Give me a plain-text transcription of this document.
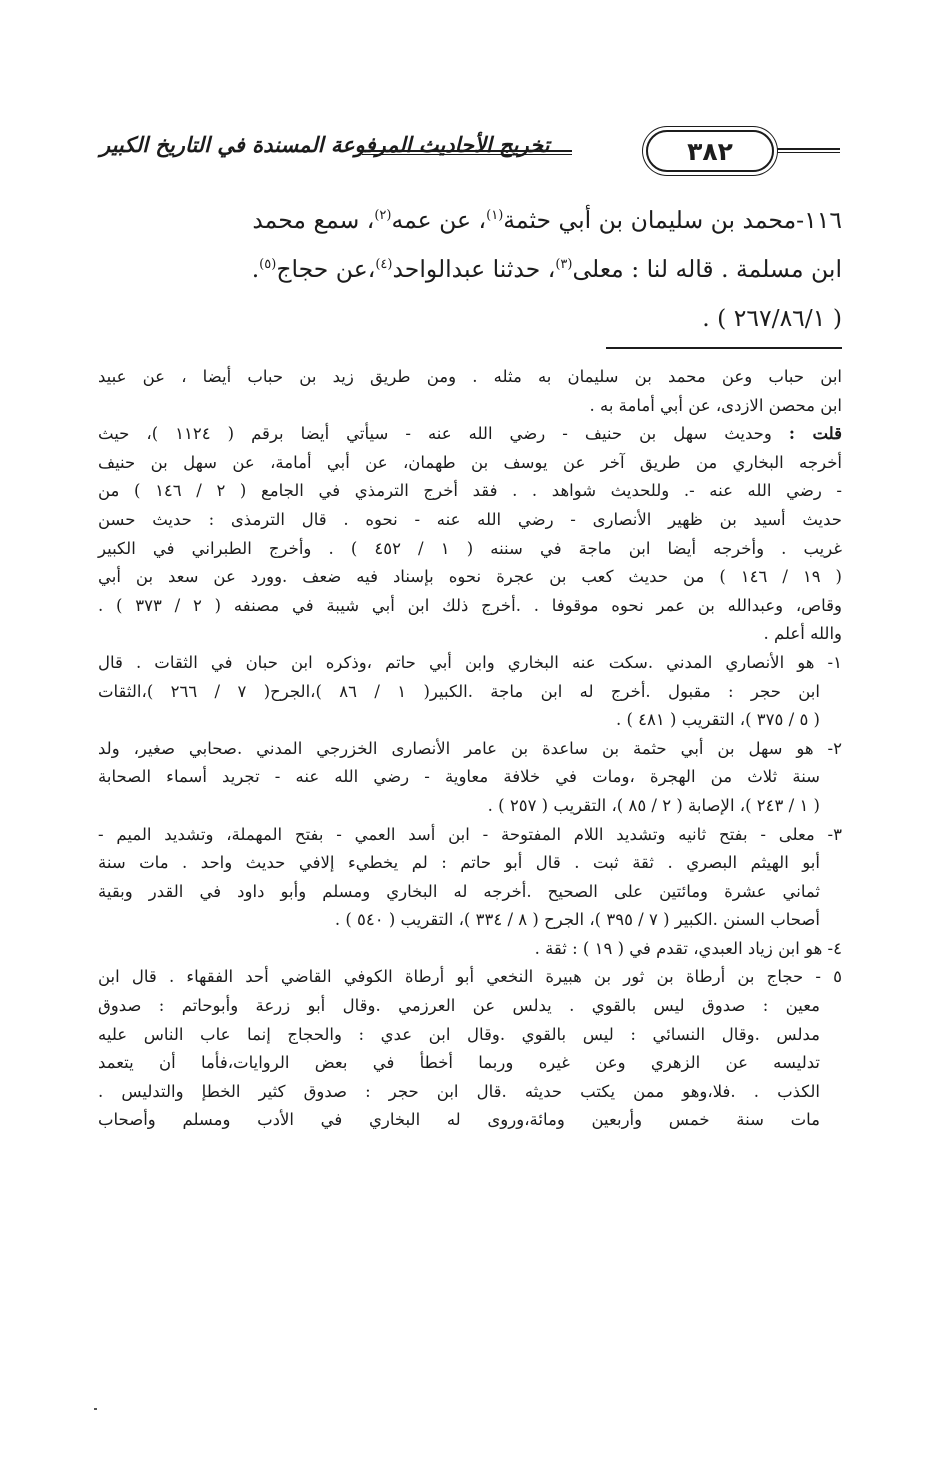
٣٨٢
تخريج الأحاديث المرفوعة المسندة في التاريخ الكبير

١١٦-محمد بن سليمان بن أبي حثمة$^{(١)}$، عن عمه$^{(٢)}$، سمع محمد

ابن مسلمة . قاله لنا : معلى$^{(٣)}$، حدثنا عبدالواحد$^{(٤)}$،عن حجاج$^{(٥)}$.

( ٢٦٧/٨٦/١ ) .

ابن حباب وعن محمد بن سليمان به مثله . ومن طريق زيد بن حباب أيضا ، عن عبيد
ابن محصن الازدى، عن أبي أمامة به .
قلت : وحديث سهل بن حنيف - رضي الله عنه - سيأتي أيضا برقم ( ١١٢٤ )، حيث
أخرجه البخاري من طريق آخر عن يوسف بن طهمان، عن أبي أمامة، عن سهل بن حنيف
- رضي الله عنه -. وللحديث شواهد . . فقد أخرج الترمذي في الجامع ( ٢ / ١٤٦ ) من
حديث أسيد بن ظهير الأنصارى - رضي الله عنه - نحوه . قال الترمذى : حديث حسن
غريب . وأخرجه أيضا ابن ماجة في سننه ( ١ / ٤٥٢ ) . وأخرج الطبراني في الكبير
( ١٩ / ١٤٦ ) من حديث كعب بن عجرة نحوه بإسناد فيه ضعف .وورد عن سعد بن أبي
وقاص، وعبدالله بن عمر نحوه موقوفا . .أخرج ذلك ابن أبي شيبة في مصنفه ( ٢ / ٣٧٣ ) .
والله أعلم .
١- هو الأنصاري المدني .سكت عنه البخاري وابن أبي حاتم ،وذكره ابن حبان في الثقات . قال
ابن حجر : مقبول .أخرج له ابن ماجة .الكبير( ١ / ٨٦ )،الجرح( ٧ / ٢٦٦ )،الثقات
( ٥ / ٣٧٥ )، التقريب ( ٤٨١ ) .
٢- هو سهل بن أبي حثمة بن ساعدة بن عامر الأنصارى الخزرجي المدني .صحابي صغير، ولد
سنة ثلاث من الهجرة ،ومات في خلافة معاوية - رضي الله عنه - تجريد أسماء الصحابة
( ١ / ٢٤٣ )، الإصابة ( ٢ / ٨٥ )، التقريب ( ٢٥٧ ) .
٣- معلى - بفتح ثانيه وتشديد اللام المفتوحة - ابن أسد العمي - بفتح المهملة، وتشديد الميم -
أبو الهيثم البصري . ثقة ثبت . قال أبو حاتم : لم يخطيء إلافي حديث واحد . مات سنة
ثماني عشرة ومائتين على الصحيح .أخرجه له البخاري ومسلم وأبو داود في القدر وبقية
أصحاب السنن .الكبير ( ٧ / ٣٩٥ )، الجرح ( ٨ / ٣٣٤ )، التقريب ( ٥٤٠ ) .
٤- هو ابن زياد العبدي، تقدم في ( ١٩ ) : ثقة .
٥ - حجاج بن أرطاة بن ثور بن هبيرة النخعي أبو أرطاة الكوفي القاضي أحد الفقهاء . قال ابن
معين : صدوق ليس بالقوي . يدلس عن العرزمي .وقال أبو زرعة وأبوحاتم : صدوق
مدلس .وقال النسائي : ليس بالقوي .وقال ابن عدي : والحجاج إنما عاب الناس عليه
تدليسه عن الزهري وعن غيره وربما أخطأ في بعض الروايات،فأما أن يتعمد
الكذب . .فلا،وهو ممن يكتب حديثه .قال ابن حجر : صدوق كثير الخطإ والتدليس .
مات سنة خمس وأربعين ومائة،وروى له البخاري في الأدب ومسلم وأصحاب
